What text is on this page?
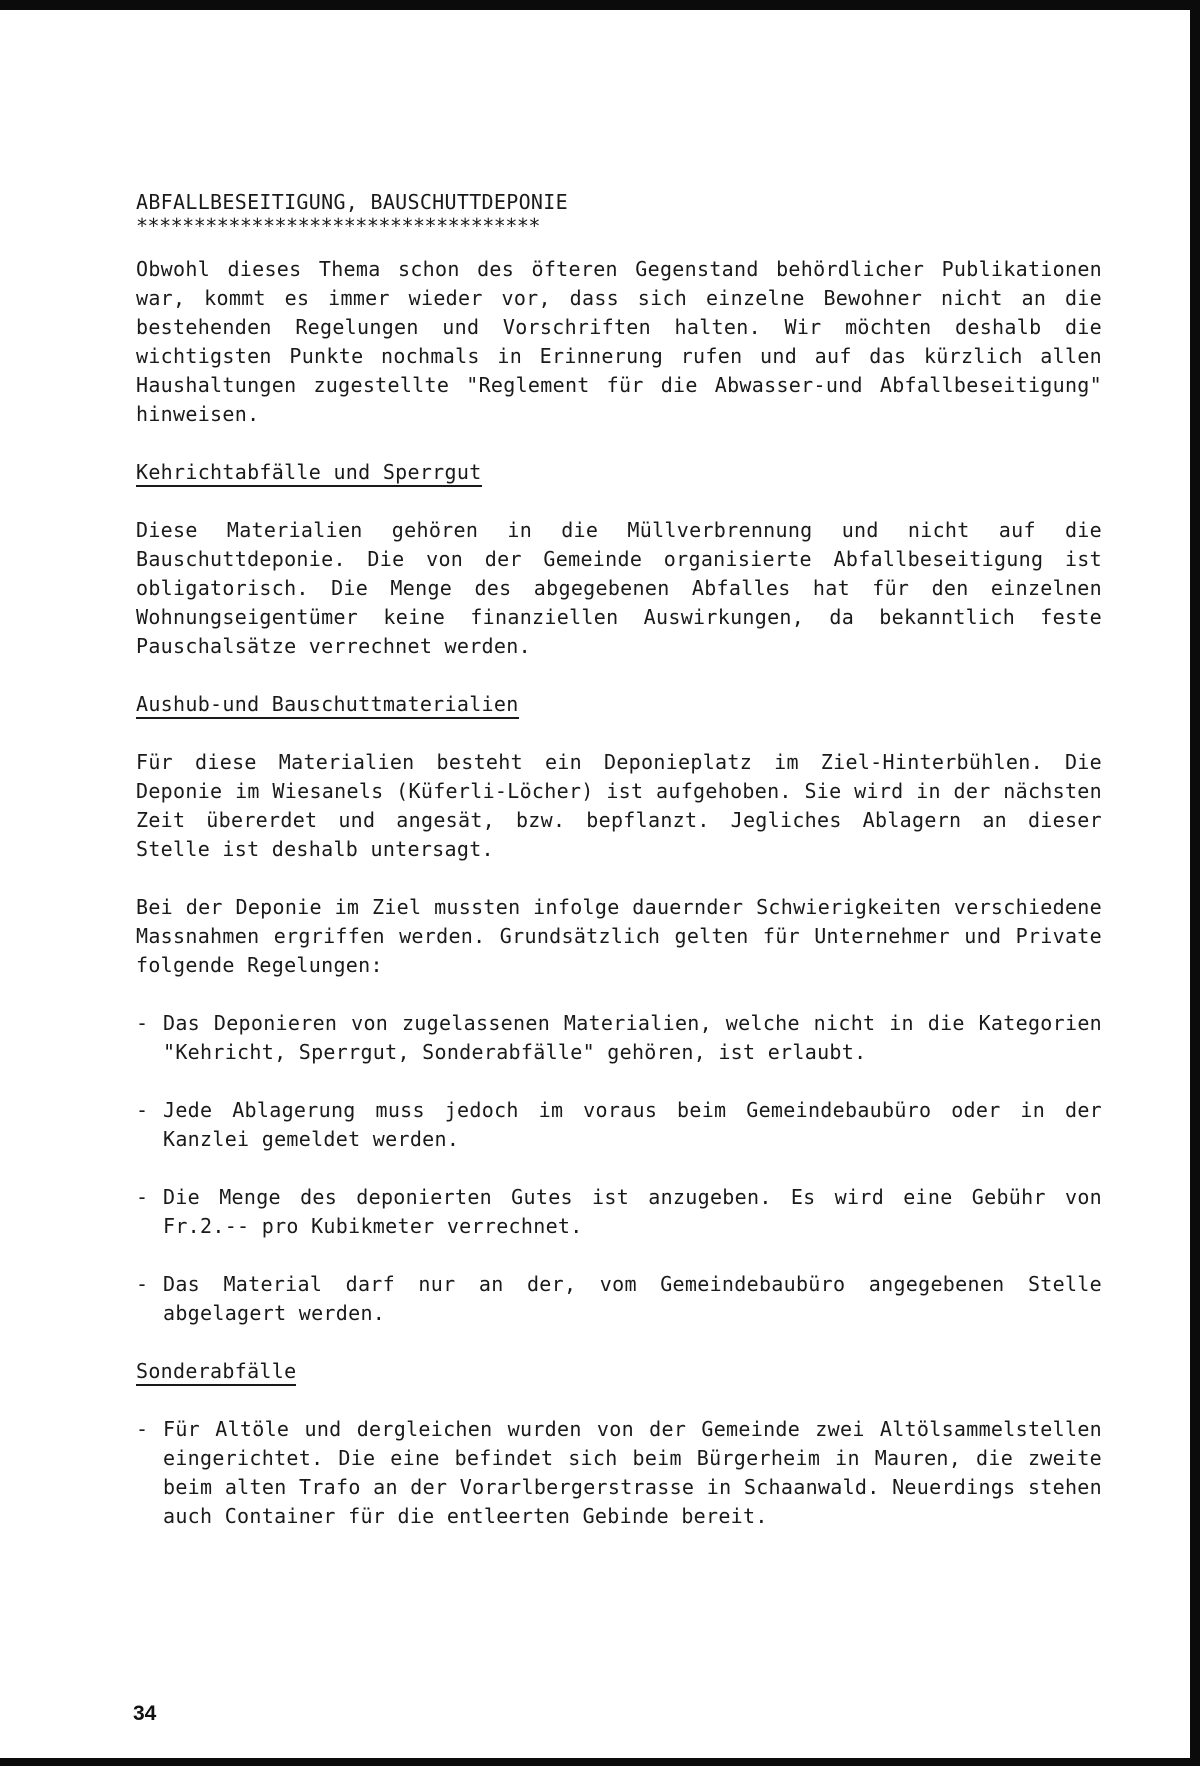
ABFALLBESEITIGUNG, BAUSCHUTTDEPONIE
***********************************

Obwohl dieses Thema schon des öfteren Gegenstand behördlicher Publikationen war, kommt es immer wieder vor, dass sich einzelne Bewohner nicht an die bestehenden Regelungen und Vorschriften halten. Wir möchten deshalb die wichtigsten Punkte nochmals in Erinnerung rufen und auf das kürzlich allen Haushaltungen zugestellte "Reglement für die Abwasser-und Abfallbeseitigung" hinweisen.

Kehrichtabfälle und Sperrgut

Diese Materialien gehören in die Müllverbrennung und nicht auf die Bauschuttdeponie. Die von der Gemeinde organisierte Abfallbeseitigung ist obligatorisch. Die Menge des abgegebenen Abfalles hat für den einzelnen Wohnungseigentümer keine finanziellen Auswirkungen, da bekanntlich feste Pauschalsätze verrechnet werden.

Aushub-und Bauschuttmaterialien

Für diese Materialien besteht ein Deponieplatz im Ziel-Hinterbühlen. Die Deponie im Wiesanels (Küferli-Löcher) ist aufgehoben. Sie wird in der nächsten Zeit übererdet und angesät, bzw. bepflanzt. Jegliches Ablagern an dieser Stelle ist deshalb untersagt.

Bei der Deponie im Ziel mussten infolge dauernder Schwierigkeiten verschiedene Massnahmen ergriffen werden. Grundsätzlich gelten für Unternehmer und Private folgende Regelungen:

- Das Deponieren von zugelassenen Materialien, welche nicht in die Kategorien "Kehricht, Sperrgut, Sonderabfälle" gehören, ist erlaubt.
- Jede Ablagerung muss jedoch im voraus beim Gemeindebaubüro oder in der Kanzlei gemeldet werden.
- Die Menge des deponierten Gutes ist anzugeben. Es wird eine Gebühr von Fr.2.-- pro Kubikmeter verrechnet.
- Das Material darf nur an der, vom Gemeindebaubüro angegebenen Stelle abgelagert werden.
Sonderabfälle
- Für Altöle und dergleichen wurden von der Gemeinde zwei Altölsammelstellen eingerichtet. Die eine befindet sich beim Bürgerheim in Mauren, die zweite beim alten Trafo an der Vorarlbergerstrasse in Schaanwald. Neuerdings stehen auch Container für die entleerten Gebinde bereit.
34
